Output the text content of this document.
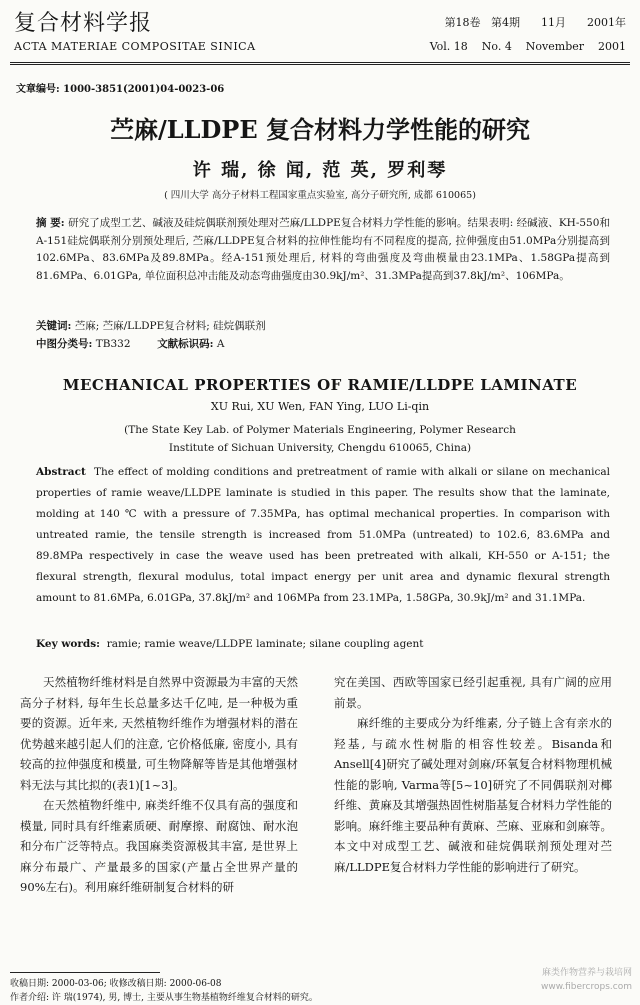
复合材料学报
ACTA MATERIAE COMPOSITAE SINICA
第18卷   第4期      11月      2001年
Vol. 18    No. 4    November    2001
文章编号: 1000-3851(2001)04-0023-06
苎麻/LLDPE 复合材料力学性能的研究
许 瑞, 徐 闻, 范 英, 罗利琴
( 四川大学 高分子材料工程国家重点实验室, 高分子研究所, 成都 610065)
摘 要: 研究了成型工艺、碱液及硅烷偶联剂预处理对苎麻/LLDPE复合材料力学性能的影响。结果表明: 经碱液、KH-550和A-151硅烷偶联剂分别预处理后, 苎麻/LLDPE复合材料的拉伸性能均有不同程度的提高, 拉伸强度由51.0MPa分别提高到102.6MPa、83.6MPa及89.8MPa。经A-151预处理后, 材料的弯曲强度及弯曲模量由23.1MPa、1.58GPa提高到81.6MPa、6.01GPa, 单位面积总冲击能及动态弯曲强度由30.9kJ/m²、31.3MPa提高到37.8kJ/m²、106MPa。
关键词: 苎麻; 苎麻/LLDPE复合材料; 硅烷偶联剂
中图分类号: TB332	文献标识码: A
MECHANICAL PROPERTIES OF RAMIE/LLDPE LAMINATE
XU Rui, XU Wen, FAN Ying, LUO Li-qin
(The State Key Lab. of Polymer Materials Engineering, Polymer Research
Institute of Sichuan University, Chengdu 610065, China)
Abstract The effect of molding conditions and pretreatment of ramie with alkali or silane on mechanical properties of ramie weave/LLDPE laminate is studied in this paper. The results show that the laminate, molding at 140 ℃ with a pressure of 7.35MPa, has optimal mechanical properties. In comparison with untreated ramie, the tensile strength is increased from 51.0MPa (untreated) to 102.6, 83.6MPa and 89.8MPa respectively in case the weave used has been pretreated with alkali, KH-550 or A-151; the flexural strength, flexural modulus, total impact energy per unit area and dynamic flexural strength amount to 81.6MPa, 6.01GPa, 37.8kJ/m² and 106MPa from 23.1MPa, 1.58GPa, 30.9kJ/m² and 31.1MPa.
Key words: ramie; ramie weave/LLDPE laminate; silane coupling agent

天然植物纤维材料是自然界中资源最为丰富的天然高分子材料, 每年生长总量多达千亿吨, 是一种极为重要的资源。近年来, 天然植物纤维作为增强材料的潜在优势越来越引起人们的注意, 它价格低廉, 密度小, 具有较高的拉伸强度和模量, 可生物降解等皆是其他增强材料无法与其比拟的(表1)[1~3]。

在天然植物纤维中, 麻类纤维不仅具有高的强度和模量, 同时具有纤维素质硬、耐摩擦、耐腐蚀、耐水泡和分布广泛等特点。我国麻类资源极其丰富, 是世界上麻分布最广、产量最多的国家(产量占全世界产量的90%左右)。利用麻纤维研制复合材料的研

究在美国、西欧等国家已经引起重视, 具有广阔的应用前景。

麻纤维的主要成分为纤维素, 分子链上含有亲水的羟基, 与疏水性树脂的相容性较差。Bisanda和Ansell[4]研究了碱处理对剑麻/环氧复合材料物理机械性能的影响, Varma等[5~10]研究了不同偶联剂对椰纤维、黄麻及其增强热固性树脂基复合材料力学性能的影响。麻纤维主要品种有黄麻、苎麻、亚麻和剑麻等。本文中对成型工艺、碱液和硅烷偶联剂预处理对苎麻/LLDPE复合材料力学性能的影响进行了研究。

收稿日期: 2000-03-06; 收修改稿日期: 2000-06-08
作者介绍: 许 瑞(1974), 男, 博士, 主要从事生物基植物纤维复合材料的研究。
麻类作物营养与栽培网
www.fibercrops.com
